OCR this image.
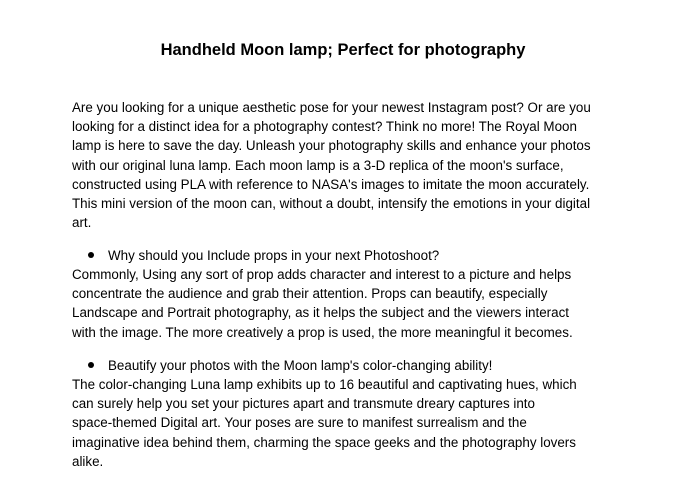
Handheld Moon lamp; Perfect for photography
Are you looking for a unique aesthetic pose for your newest Instagram post? Or are you
looking for a distinct idea for a photography contest? Think no more! The Royal Moon
lamp is here to save the day. Unleash your photography skills and enhance your photos
with our original luna lamp. Each moon lamp is a 3-D replica of the moon's surface,
constructed using PLA with reference to NASA's images to imitate the moon accurately.
This mini version of the moon can, without a doubt, intensify the emotions in your digital
art.
Why should you Include props in your next Photoshoot?
Commonly, Using any sort of prop adds character and interest to a picture and helps
concentrate the audience and grab their attention. Props can beautify, especially
Landscape and Portrait photography, as it helps the subject and the viewers interact
with the image. The more creatively a prop is used, the more meaningful it becomes.
Beautify your photos with the Moon lamp's color-changing ability!
The color-changing Luna lamp exhibits up to 16 beautiful and captivating hues, which
can surely help you set your pictures apart and transmute dreary captures into
space-themed Digital art. Your poses are sure to manifest surrealism and the
imaginative idea behind them, charming the space geeks and the photography lovers
alike.
